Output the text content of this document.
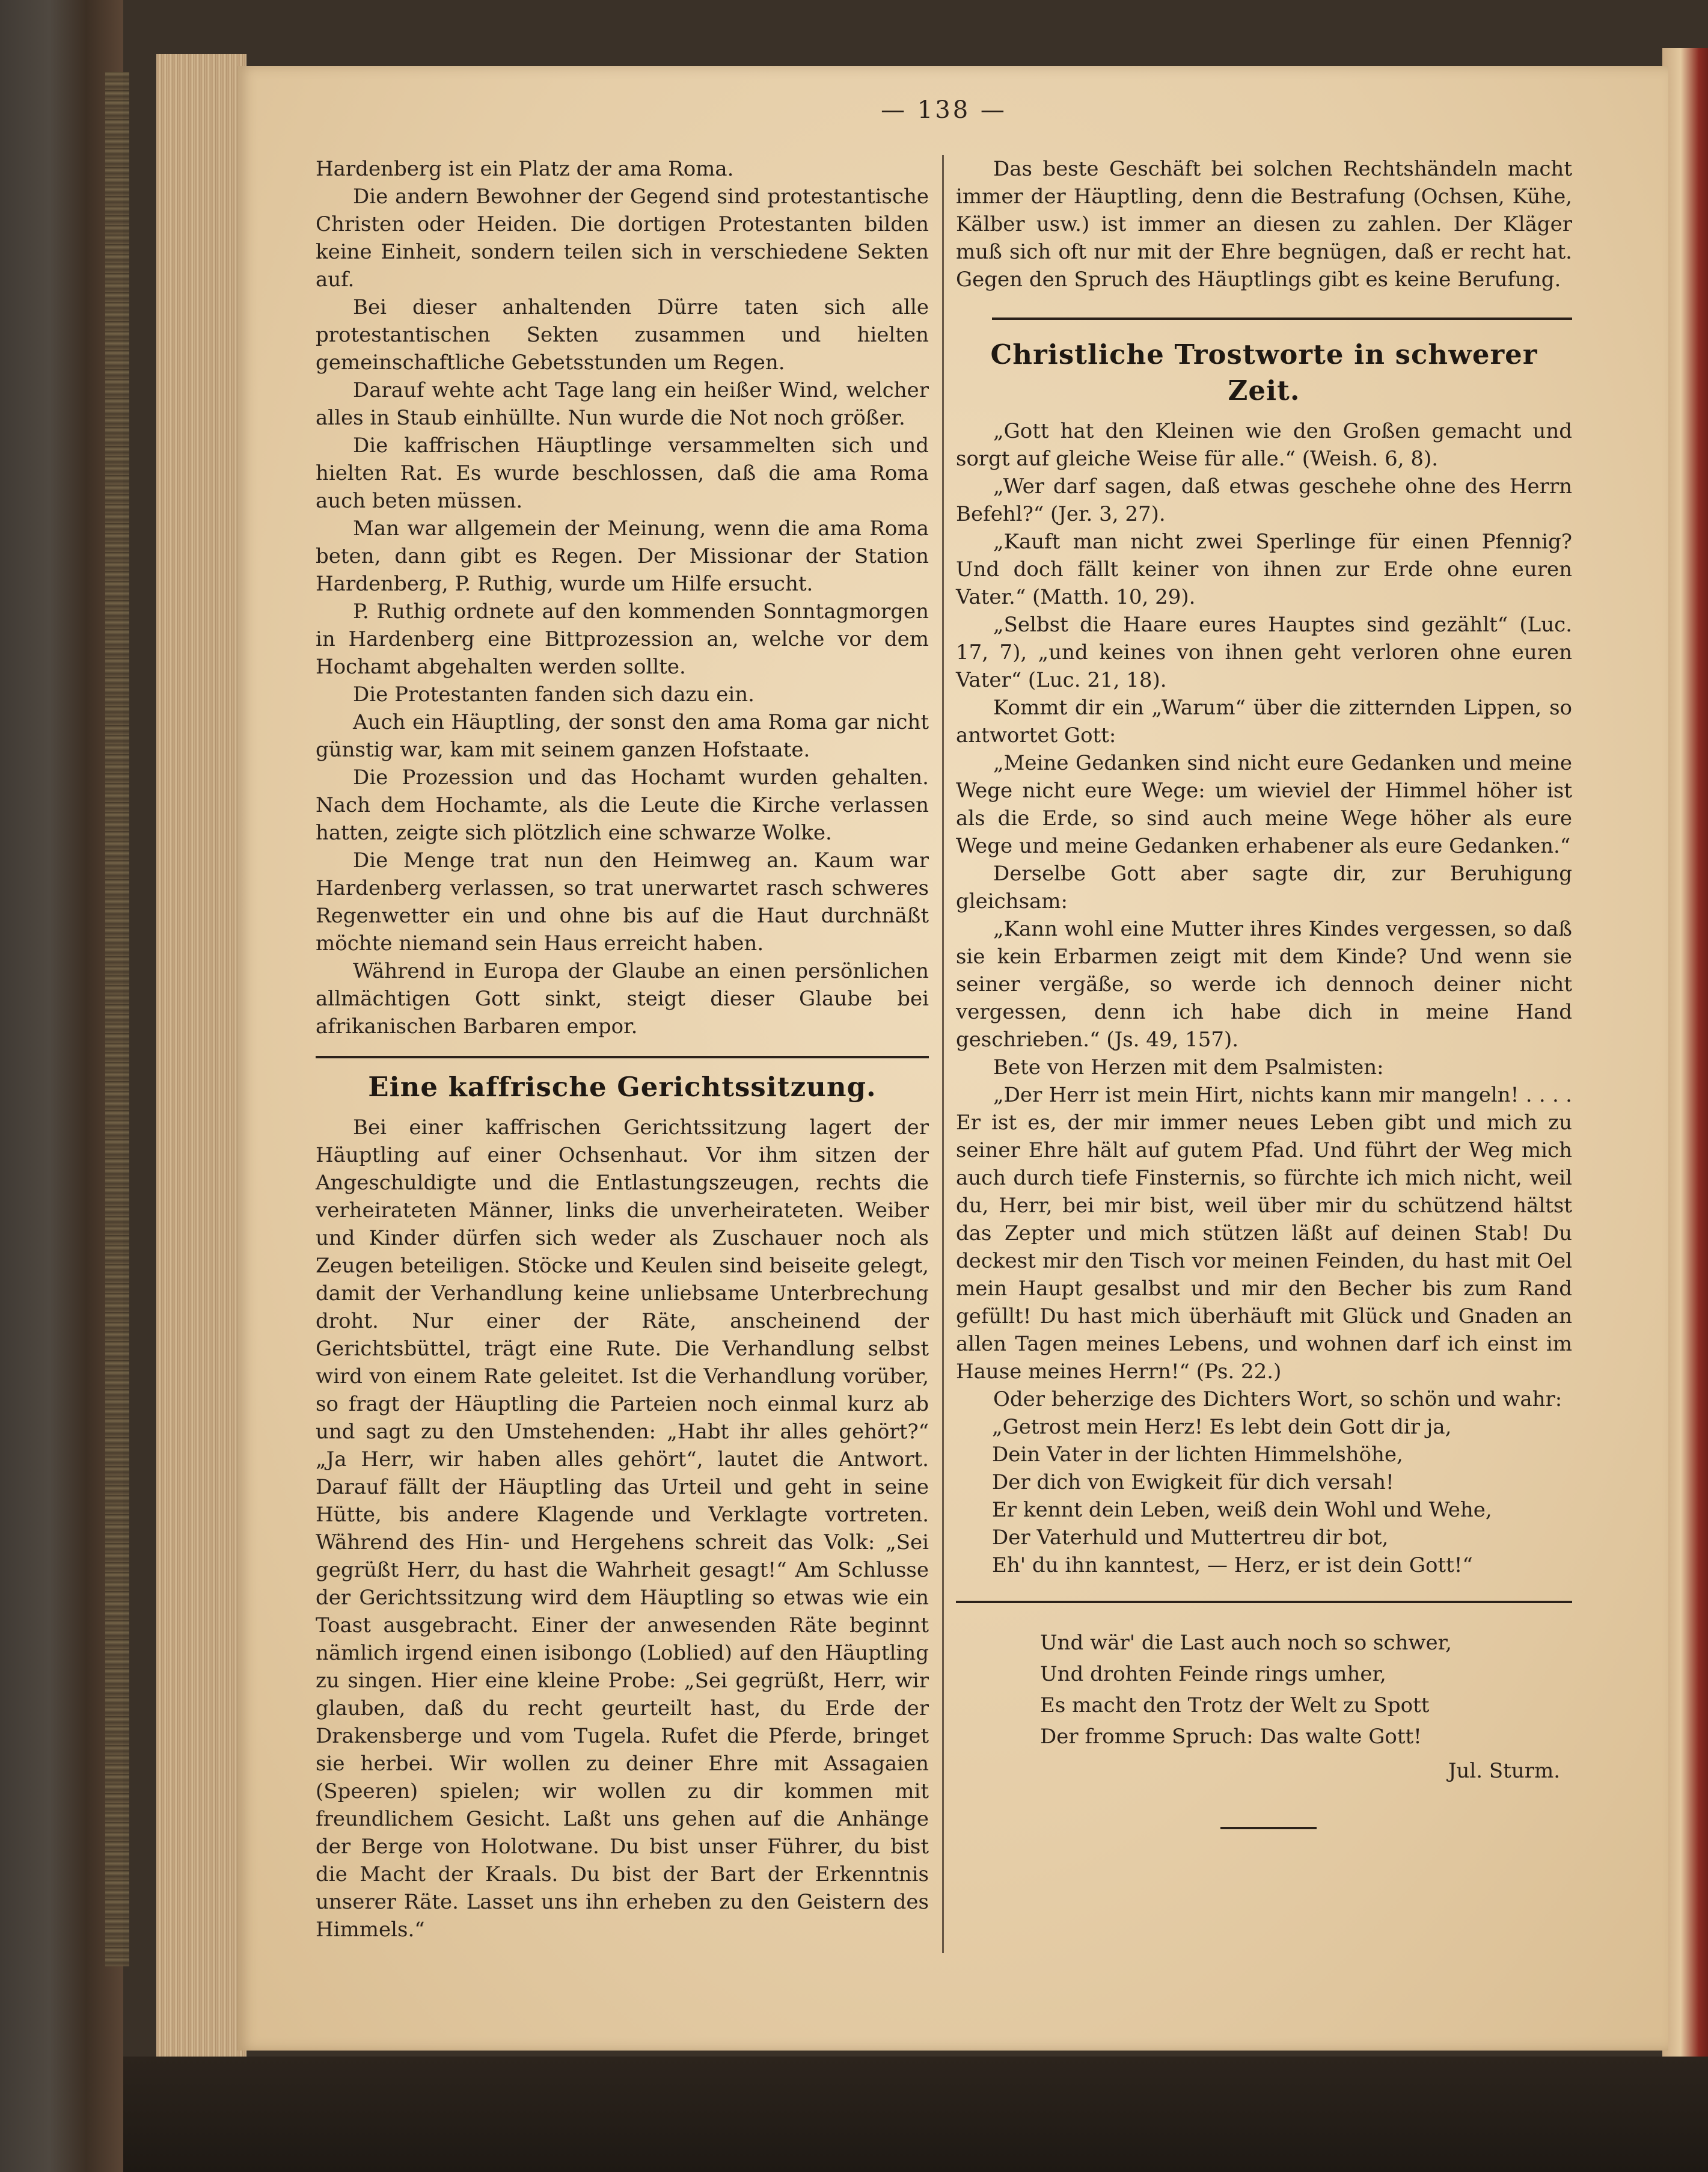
— 138 —

Hardenberg ist ein Platz der ama Roma.

Die andern Bewohner der Gegend sind protestantische Christen oder Heiden. Die dortigen Protestanten bilden keine Einheit, sondern teilen sich in verschiedene Sekten auf.

Bei dieser anhaltenden Dürre taten sich alle protestantischen Sekten zusammen und hielten gemeinschaftliche Gebetsstunden um Regen.

Darauf wehte acht Tage lang ein heißer Wind, welcher alles in Staub einhüllte. Nun wurde die Not noch größer.

Die kaffrischen Häuptlinge versammelten sich und hielten Rat. Es wurde beschlossen, daß die ama Roma auch beten müssen.

Man war allgemein der Meinung, wenn die ama Roma beten, dann gibt es Regen. Der Missionar der Station Hardenberg, P. Ruthig, wurde um Hilfe ersucht.

P. Ruthig ordnete auf den kommenden Sonntagmorgen in Hardenberg eine Bittprozession an, welche vor dem Hochamt abgehalten werden sollte.

Die Protestanten fanden sich dazu ein.

Auch ein Häuptling, der sonst den ama Roma gar nicht günstig war, kam mit seinem ganzen Hofstaate.

Die Prozession und das Hochamt wurden gehalten. Nach dem Hochamte, als die Leute die Kirche verlassen hatten, zeigte sich plötzlich eine schwarze Wolke.

Die Menge trat nun den Heimweg an. Kaum war Hardenberg verlassen, so trat unerwartet rasch schweres Regenwetter ein und ohne bis auf die Haut durchnäßt möchte niemand sein Haus erreicht haben.

Während in Europa der Glaube an einen persönlichen allmächtigen Gott sinkt, steigt dieser Glaube bei afrikanischen Barbaren empor.

Eine kaffrische Gerichtssitzung.

Bei einer kaffrischen Gerichtssitzung lagert der Häuptling auf einer Ochsenhaut. Vor ihm sitzen der Angeschuldigte und die Entlastungszeugen, rechts die verheirateten Männer, links die unverheirateten. Weiber und Kinder dürfen sich weder als Zuschauer noch als Zeugen beteiligen. Stöcke und Keulen sind beiseite gelegt, damit der Verhandlung keine unliebsame Unterbrechung droht. Nur einer der Räte, anscheinend der Gerichtsbüttel, trägt eine Rute. Die Verhandlung selbst wird von einem Rate geleitet. Ist die Verhandlung vorüber, so fragt der Häuptling die Parteien noch einmal kurz ab und sagt zu den Umstehenden: „Habt ihr alles gehört?“ „Ja Herr, wir haben alles gehört“, lautet die Antwort. Darauf fällt der Häuptling das Urteil und geht in seine Hütte, bis andere Klagende und Verklagte vortreten. Während des Hin- und Hergehens schreit das Volk: „Sei gegrüßt Herr, du hast die Wahrheit gesagt!“ Am Schlusse der Gerichtssitzung wird dem Häuptling so etwas wie ein Toast ausgebracht. Einer der anwesenden Räte beginnt nämlich irgend einen isibongo (Loblied) auf den Häuptling zu singen. Hier eine kleine Probe: „Sei gegrüßt, Herr, wir glauben, daß du recht geurteilt hast, du Erde der Drakensberge und vom Tugela. Rufet die Pferde, bringet sie herbei. Wir wollen zu deiner Ehre mit Assagaien (Speeren) spielen; wir wollen zu dir kommen mit freundlichem Gesicht. Laßt uns gehen auf die Anhänge der Berge von Holotwane. Du bist unser Führer, du bist die Macht der Kraals. Du bist der Bart der Erkenntnis unserer Räte. Lasset uns ihn erheben zu den Geistern des Himmels.“

Das beste Geschäft bei solchen Rechtshändeln macht immer der Häuptling, denn die Bestrafung (Ochsen, Kühe, Kälber usw.) ist immer an diesen zu zahlen. Der Kläger muß sich oft nur mit der Ehre begnügen, daß er recht hat. Gegen den Spruch des Häuptlings gibt es keine Berufung.

Christliche Trostworte in schwerer Zeit.

„Gott hat den Kleinen wie den Großen gemacht und sorgt auf gleiche Weise für alle.“ (Weish. 6, 8).

„Wer darf sagen, daß etwas geschehe ohne des Herrn Befehl?“ (Jer. 3, 27).

„Kauft man nicht zwei Sperlinge für einen Pfennig? Und doch fällt keiner von ihnen zur Erde ohne euren Vater.“ (Matth. 10, 29).

„Selbst die Haare eures Hauptes sind gezählt“ (Luc. 17, 7), „und keines von ihnen geht verloren ohne euren Vater“ (Luc. 21, 18).

Kommt dir ein „Warum“ über die zitternden Lippen, so antwortet Gott:

„Meine Gedanken sind nicht eure Gedanken und meine Wege nicht eure Wege: um wieviel der Himmel höher ist als die Erde, so sind auch meine Wege höher als eure Wege und meine Gedanken erhabener als eure Gedanken.“

Derselbe Gott aber sagte dir, zur Beruhigung gleichsam:

„Kann wohl eine Mutter ihres Kindes vergessen, so daß sie kein Erbarmen zeigt mit dem Kinde? Und wenn sie seiner vergäße, so werde ich dennoch deiner nicht vergessen, denn ich habe dich in meine Hand geschrieben.“ (Js. 49, 157).

Bete von Herzen mit dem Psalmisten:

„Der Herr ist mein Hirt, nichts kann mir mangeln! . . . . Er ist es, der mir immer neues Leben gibt und mich zu seiner Ehre hält auf gutem Pfad. Und führt der Weg mich auch durch tiefe Finsternis, so fürchte ich mich nicht, weil du, Herr, bei mir bist, weil über mir du schützend hältst das Zepter und mich stützen läßt auf deinen Stab! Du deckest mir den Tisch vor meinen Feinden, du hast mit Oel mein Haupt gesalbst und mir den Becher bis zum Rand gefüllt! Du hast mich überhäuft mit Glück und Gnaden an allen Tagen meines Lebens, und wohnen darf ich einst im Hause meines Herrn!“ (Ps. 22.)

Oder beherzige des Dichters Wort, so schön und wahr:

„Getrost mein Herz! Es lebt dein Gott dir ja,
Dein Vater in der lichten Himmelshöhe,
Der dich von Ewigkeit für dich versah!
Er kennt dein Leben, weiß dein Wohl und Wehe,
Der Vaterhuld und Muttertreu dir bot,
Eh' du ihn kanntest, — Herz, er ist dein Gott!“
Und wär' die Last auch noch so schwer,
Und drohten Feinde rings umher,
Es macht den Trotz der Welt zu Spott
Der fromme Spruch: Das walte Gott!
Jul. Sturm.
